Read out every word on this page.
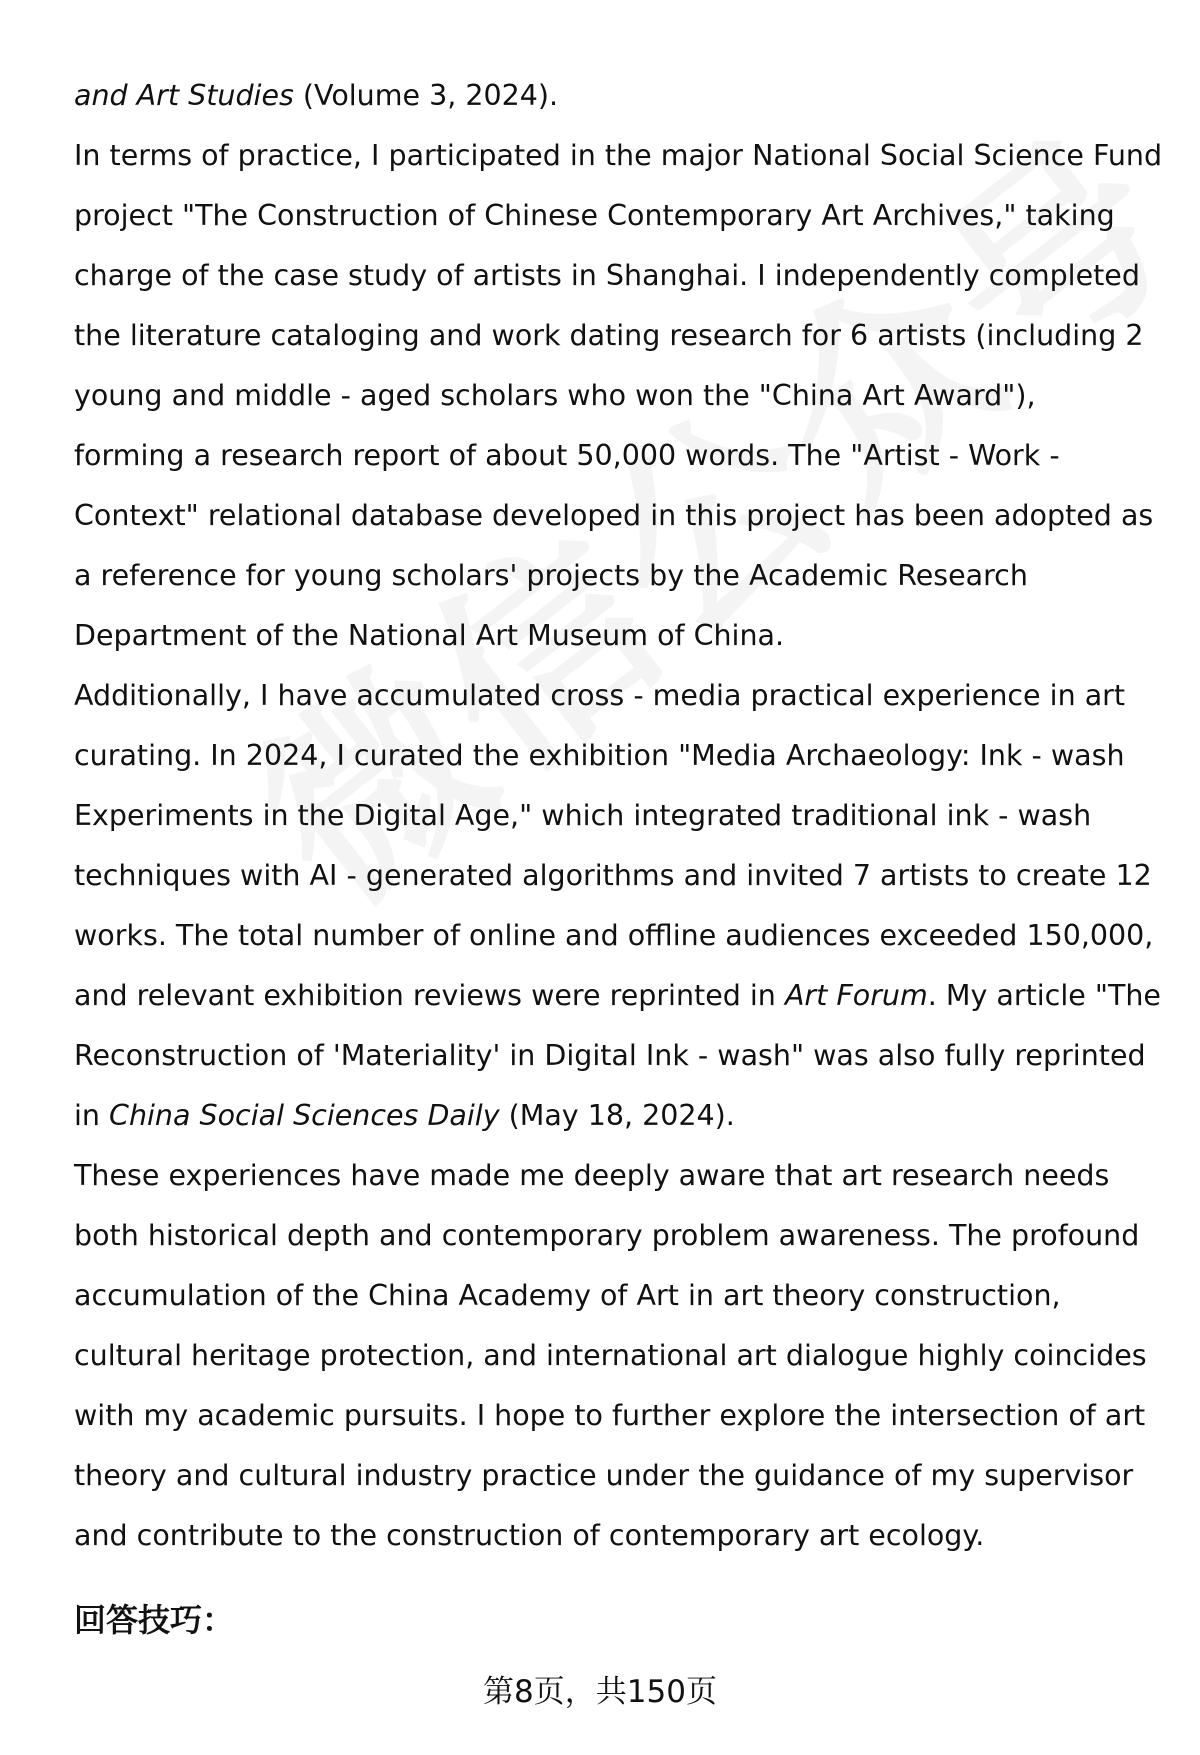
and Art Studies (Volume 3, 2024).
In terms of practice, I participated in the major National Social Science Fund
project "The Construction of Chinese Contemporary Art Archives," taking
charge of the case study of artists in Shanghai. I independently completed
the literature cataloging and work dating research for 6 artists (including 2
young and middle - aged scholars who won the "China Art Award"),
forming a research report of about 50,000 words. The "Artist - Work -
Context" relational database developed in this project has been adopted as
a reference for young scholars' projects by the Academic Research
Department of the National Art Museum of China.
Additionally, I have accumulated cross - media practical experience in art
curating. In 2024, I curated the exhibition "Media Archaeology: Ink - wash
Experiments in the Digital Age," which integrated traditional ink - wash
techniques with AI - generated algorithms and invited 7 artists to create 12
works. The total number of online and offline audiences exceeded 150,000,
and relevant exhibition reviews were reprinted in Art Forum. My article "The
Reconstruction of 'Materiality' in Digital Ink - wash" was also fully reprinted
in China Social Sciences Daily (May 18, 2024).
These experiences have made me deeply aware that art research needs
both historical depth and contemporary problem awareness. The profound
accumulation of the China Academy of Art in art theory construction,
cultural heritage protection, and international art dialogue highly coincides
with my academic pursuits. I hope to further explore the intersection of art
theory and cultural industry practice under the guidance of my supervisor
and contribute to the construction of contemporary art ecology.
回答技巧：
第8页，共150页
